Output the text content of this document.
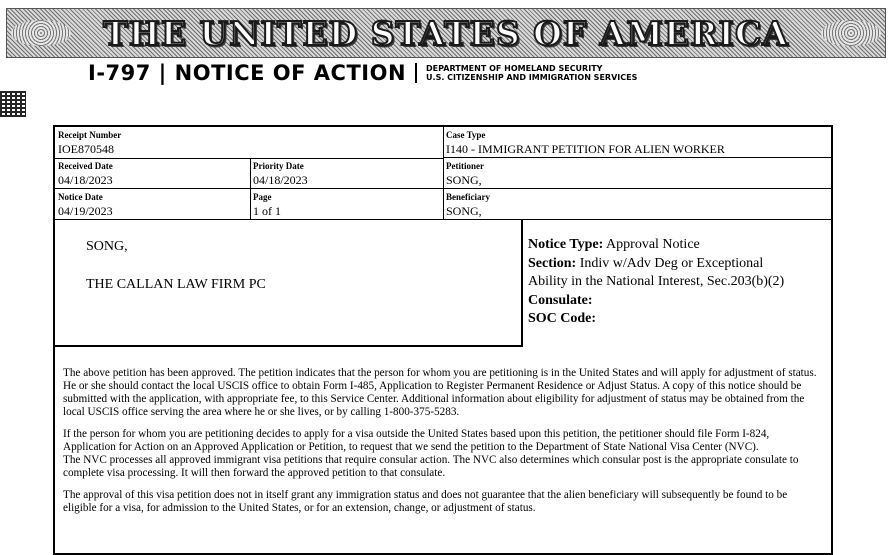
THE UNITED STATES OF AMERICA
I-797 | NOTICE OF ACTION	DEPARTMENT OF HOMELAND SECURITY
U.S. CITIZENSHIP AND IMMIGRATION SERVICES
Receipt Number
IOE870548
Case Type
I140 - IMMIGRANT PETITION FOR ALIEN WORKER
Received Date
04/18/2023
Priority Date
04/18/2023
Petitioner
SONG,
Notice Date
04/19/2023
Page
1 of 1
Beneficiary
SONG,
SONG,
THE CALLAN LAW FIRM PC
Notice Type: Approval Notice
Section: Indiv w/Adv Deg or Exceptional
Ability in the National Interest, Sec.203(b)(2)
Consulate:
SOC Code:

The above petition has been approved. The petition indicates that the person for whom you are petitioning is in the United States and will apply for adjustment of status. He or she should contact the local USCIS office to obtain Form I-485, Application to Register Permanent Residence or Adjust Status. A copy of this notice should be submitted with the application, with appropriate fee, to this Service Center. Additional information about eligibility for adjustment of status may be obtained from the local USCIS office serving the area where he or she lives, or by calling 1-800-375-5283.

If the person for whom you are petitioning decides to apply for a visa outside the United States based upon this petition, the petitioner should file Form I-824, Application for Action on an Approved Application or Petition, to request that we send the petition to the Department of State National Visa Center (NVC).

The NVC processes all approved immigrant visa petitions that require consular action. The NVC also determines which consular post is the appropriate consulate to complete visa processing. It will then forward the approved petition to that consulate.

The approval of this visa petition does not in itself grant any immigration status and does not guarantee that the alien beneficiary will subsequently be found to be eligible for a visa, for admission to the United States, or for an extension, change, or adjustment of status.
